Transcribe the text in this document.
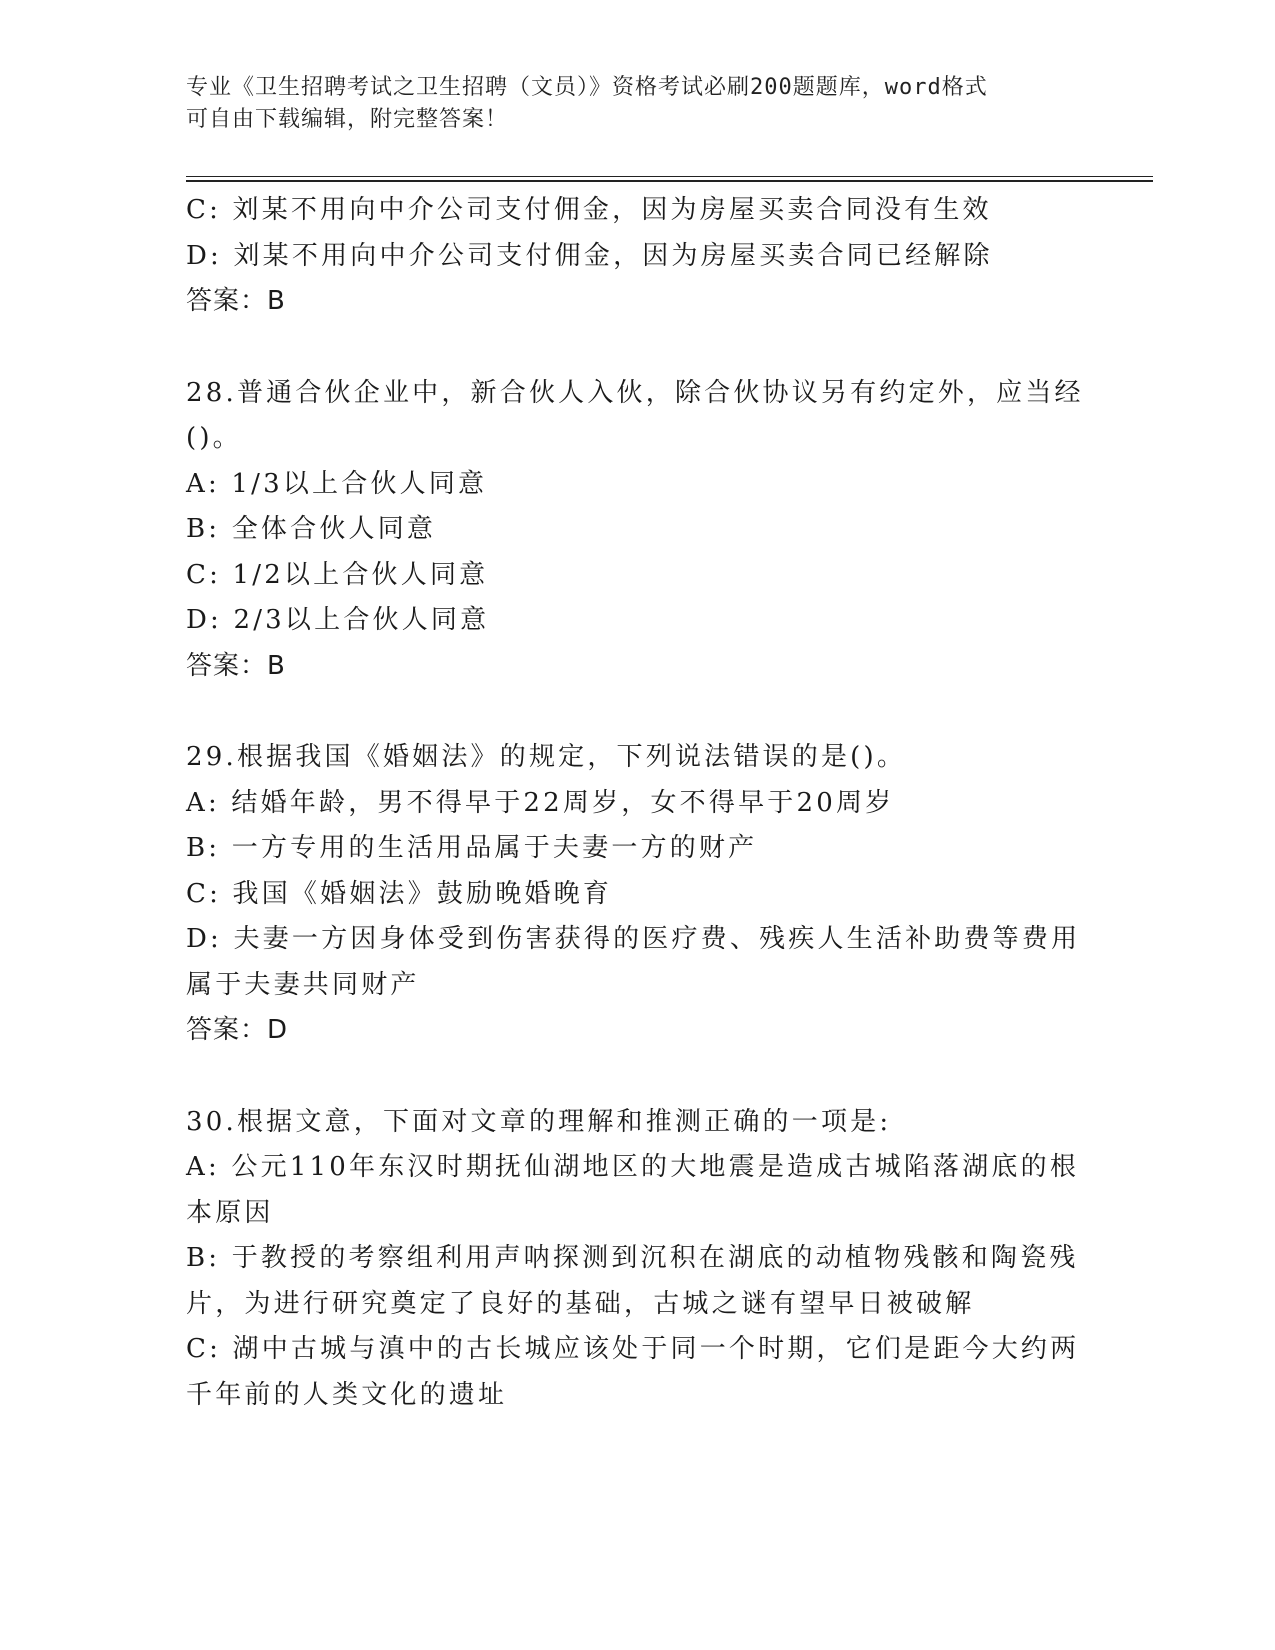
专业《卫生招聘考试之卫生招聘（文员）》资格考试必刷200题题库，word格式
可自由下载编辑，附完整答案！
C: 刘某不用向中介公司支付佣金，因为房屋买卖合同没有生效
D: 刘某不用向中介公司支付佣金，因为房屋买卖合同已经解除
答案：B
28.普通合伙企业中，新合伙人入伙，除合伙协议另有约定外，应当经
()。
A: 1/3以上合伙人同意
B: 全体合伙人同意
C: 1/2以上合伙人同意
D: 2/3以上合伙人同意
答案：B
29.根据我国《婚姻法》的规定，下列说法错误的是()。
A: 结婚年龄，男不得早于22周岁，女不得早于20周岁
B: 一方专用的生活用品属于夫妻一方的财产
C: 我国《婚姻法》鼓励晚婚晚育
D: 夫妻一方因身体受到伤害获得的医疗费、残疾人生活补助费等费用
属于夫妻共同财产
答案：D
30.根据文意，下面对文章的理解和推测正确的一项是:
A: 公元110年东汉时期抚仙湖地区的大地震是造成古城陷落湖底的根
本原因
B: 于教授的考察组利用声呐探测到沉积在湖底的动植物残骸和陶瓷残
片，为进行研究奠定了良好的基础，古城之谜有望早日被破解
C: 湖中古城与滇中的古长城应该处于同一个时期，它们是距今大约两
千年前的人类文化的遗址
